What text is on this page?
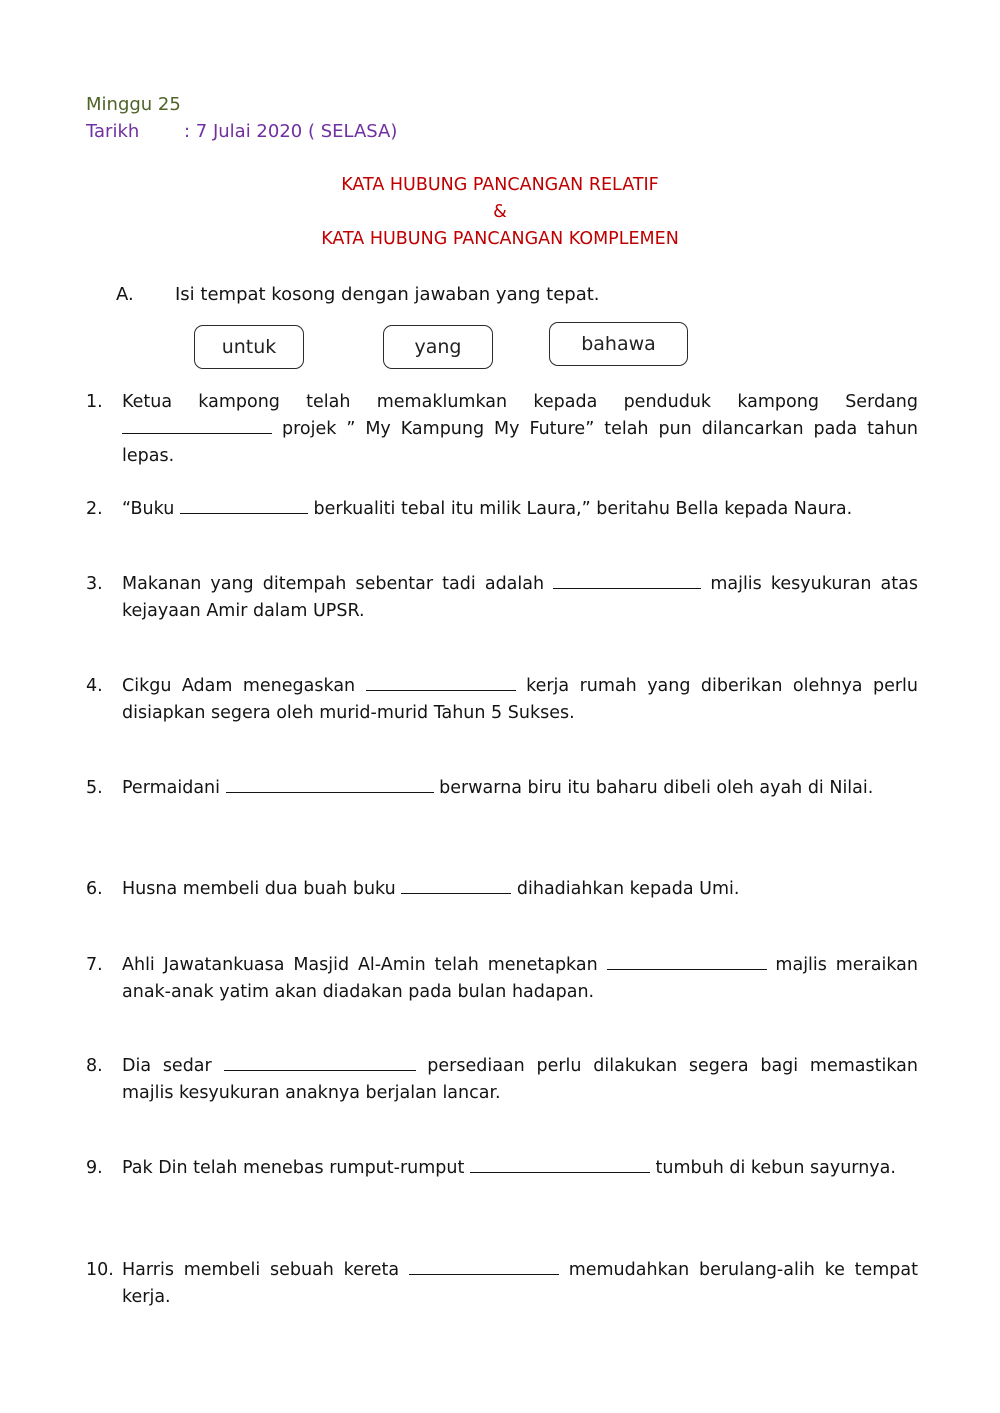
Minggu 25
Tarikh : 7 Julai 2020 ( SELASA)
KATA HUBUNG PANCANGAN RELATIF
&
KATA HUBUNG PANCANGAN KOMPLEMEN
A. Isi tempat kosong dengan jawaban yang tepat.
untuk	yang	bahawa
1. Ketua kampong telah memaklumkan kepada penduduk kampong Serdang  projek ” My Kampung My Future” telah pun dilancarkan pada tahun lepas.
2. “Buku	berkualiti tebal itu milik Laura,” beritahu Bella kepada Naura.
3. Makanan yang ditempah sebentar tadi adalah	majlis kesyukuran atas kejayaan Amir dalam UPSR.
4. Cikgu Adam menegaskan	kerja rumah yang diberikan olehnya perlu disiapkan segera oleh murid-murid Tahun 5 Sukses.
5. Permaidani	berwarna biru itu baharu dibeli oleh ayah di Nilai.
6. Husna membeli dua buah buku	dihadiahkan kepada Umi.
7. Ahli Jawatankuasa Masjid Al-Amin telah menetapkan	majlis meraikan anak-anak yatim akan diadakan pada bulan hadapan.
8. Dia sedar	persediaan perlu dilakukan segera bagi memastikan majlis kesyukuran anaknya berjalan lancar.
9. Pak Din telah menebas rumput-rumput	tumbuh di kebun sayurnya.
10. Harris membeli sebuah kereta	memudahkan berulang-alih ke tempat kerja.
